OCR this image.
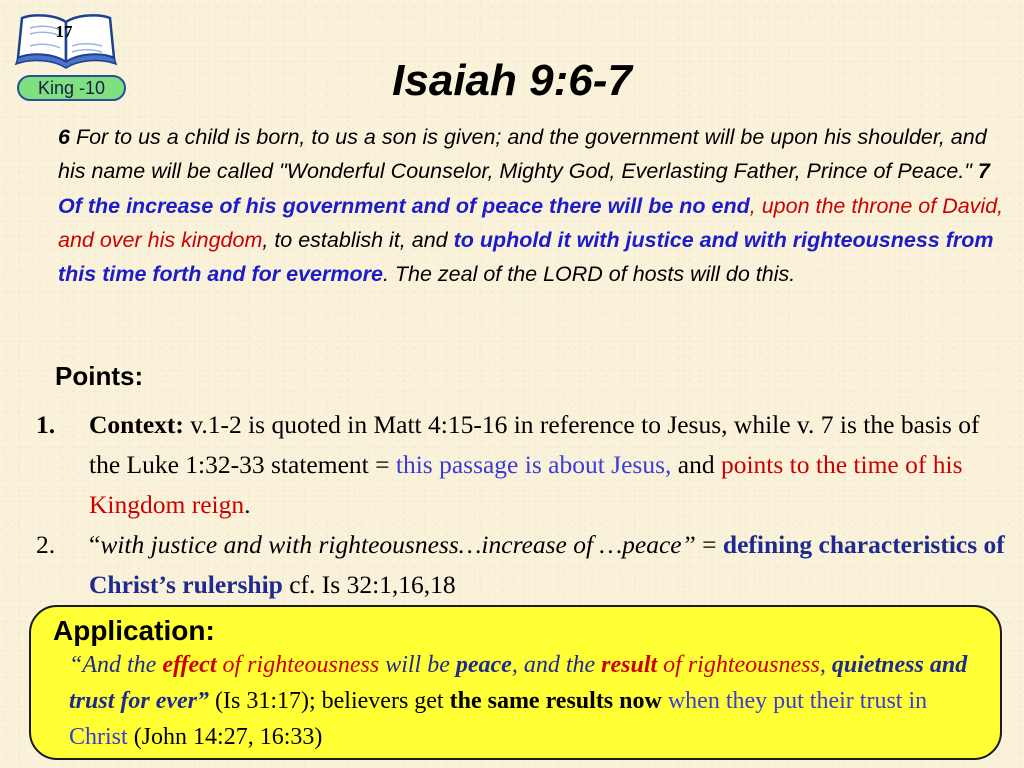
17
King -10	Isaiah 9:6-7

6 For to us a child is born, to us a son is given; and the government will be upon his shoulder, and his name will be called "Wonderful Counselor, Mighty God, Everlasting Father, Prince of Peace." 7 Of the increase of his government and of peace there will be no end, upon the throne of David, and over his kingdom, to establish it, and to uphold it with justice and with righteousness from this time forth and for evermore. The zeal of the LORD of hosts will do this.

Points:
1. Context: v.1-2 is quoted in Matt 4:15-16 in reference to Jesus, while v. 7 is the basis of the Luke 1:32-33 statement = this passage is about Jesus, and points to the time of his Kingdom reign.
2. “with justice and with righteousness…increase of …peace” = defining characteristics of Christ’s rulership cf. Is 32:1,16,18
Application:

“And the effect of righteousness will be peace, and the result of righteousness, quietness and trust for ever” (Is 31:17); believers get the same results now when they put their trust in Christ (John 14:27, 16:33)
